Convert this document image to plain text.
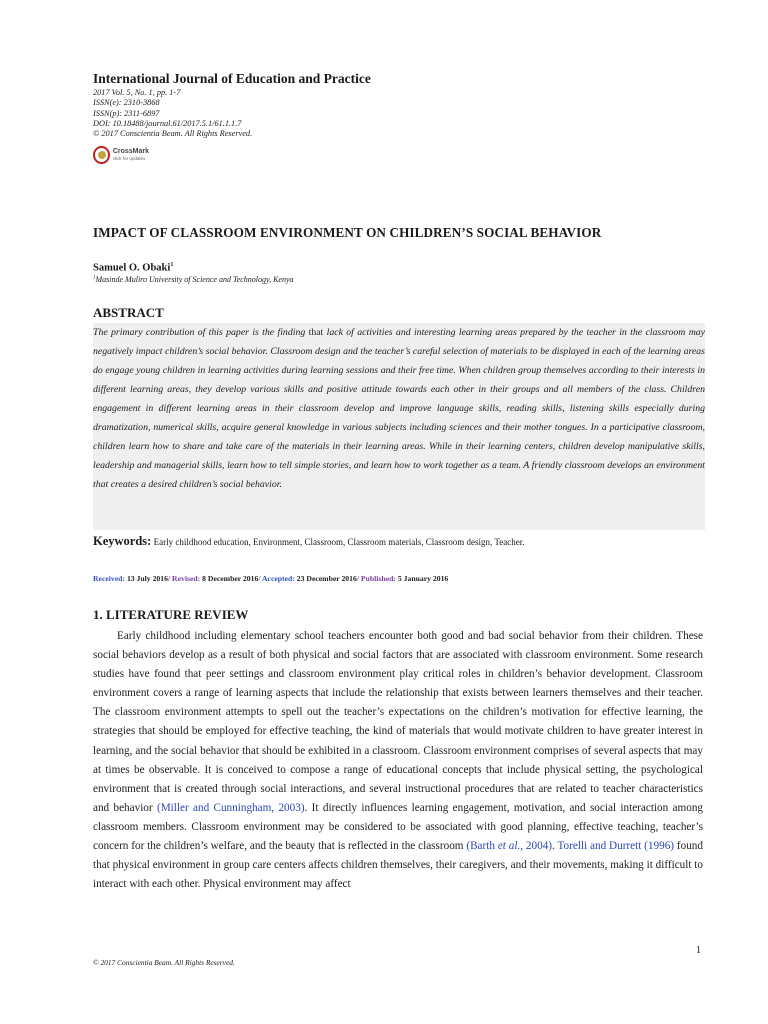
International Journal of Education and Practice
2017 Vol. 5, No. 1, pp. 1-7
ISSN(e): 2310-3868
ISSN(p): 2311-6897
DOI: 10.18488/journal.61/2017.5.1/61.1.1.7
© 2017 Conscientia Beam. All Rights Reserved.
CrossMark
click for updates
IMPACT OF CLASSROOM ENVIRONMENT ON CHILDREN’S SOCIAL BEHAVIOR
Samuel O. Obaki$^1$
$^1$Masinde Muliro University of Science and Technology, Kenya
ABSTRACT
The primary contribution of this paper is the finding that lack of activities and interesting learning areas prepared by the teacher in the classroom may negatively impact children’s social behavior. Classroom design and the teacher’s careful selection of materials to be displayed in each of the learning areas do engage young children in learning activities during learning sessions and their free time. When children group themselves according to their interests in different learning areas, they develop various skills and positive attitude towards each other in their groups and all members of the class. Children engagement in different learning areas in their classroom develop and improve language skills, reading skills, listening skills especially during dramatization, numerical skills, acquire general knowledge in various subjects including sciences and their mother tongues. In a participative classroom, children learn how to share and take care of the materials in their learning areas. While in their learning centers, children develop manipulative skills, leadership and managerial skills, learn how to tell simple stories, and learn how to work together as a team. A friendly classroom develops an environment that creates a desired children’s social behavior.
Keywords: Early childhood education, Environment, Classroom, Classroom materials, Classroom design, Teacher.
Received: 13 July 2016/ Revised: 8 December 2016/ Accepted: 23 December 2016/ Published: 5 January 2016
1. LITERATURE REVIEW

Early childhood including elementary school teachers encounter both good and bad social behavior from their children. These social behaviors develop as a result of both physical and social factors that are associated with classroom environment. Some research studies have found that peer settings and classroom environment play critical roles in children’s behavior development. Classroom environment covers a range of learning aspects that include the relationship that exists between learners themselves and their teacher. The classroom environment attempts to spell out the teacher’s expectations on the children’s motivation for effective learning, the strategies that should be employed for effective teaching, the kind of materials that would motivate children to have greater interest in learning, and the social behavior that should be exhibited in a classroom. Classroom environment comprises of several aspects that may at times be observable. It is conceived to compose a range of educational concepts that include physical setting, the psychological environment that is created through social interactions, and several instructional procedures that are related to teacher characteristics and behavior (Miller and Cunningham, 2003). It directly influences learning engagement, motivation, and social interaction among classroom members. Classroom environment may be considered to be associated with good planning, effective teaching, teacher’s concern for the children’s welfare, and the beauty that is reflected in the classroom (Barth et al., 2004). Torelli and Durrett (1996) found that physical environment in group care centers affects children themselves, their caregivers, and their movements, making it difficult to interact with each other. Physical environment may affect

1
© 2017 Conscientia Beam. All Rights Reserved.
